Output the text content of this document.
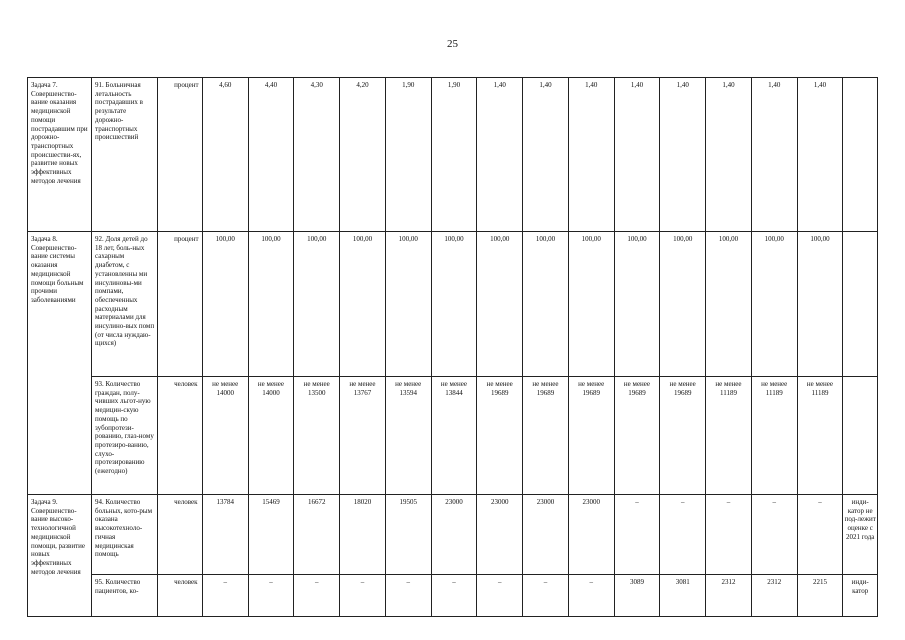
25
Задача 7. Совершенство-вание оказания медицинской помощи пострадавшим при дорожно-транспортных происшестви-ях, развитие новых эффективных методов лечения	91. Больничная летальность пострадавших в результате дорожно-транспортных происшествий	процент	4,60	4,40	4,30	4,20	1,90	1,90	1,40	1,40	1,40	1,40	1,40	1,40	1,40	1,40	
Задача 8. Совершенство-вание системы оказания медицинской помощи больным прочими заболеваниями	92. Доля детей до 18 лет, боль-ных сахарным диабетом, с установленны ми инсулиновы-ми помпами, обеспеченных расходным материалами для инсулино-вых помп (от числа нуждаю-щихся)	процент	100,00	100,00	100,00	100,00	100,00	100,00	100,00	100,00	100,00	100,00	100,00	100,00	100,00	100,00	
	93. Количество граждан, полу-чивших льгот-ную медицин-скую помощь по зубопротези-рованию, глаз-ному протезиро-ванию, слухо-протезированию (ежегодно)	человек	не менее 14000	не менее 14000	не менее 13500	не менее 13767	не менее 13594	не менее 13844	не менее 19689	не менее 19689	не менее 19689	не менее 19689	не менее 19689	не менее 11189	не менее 11189	не менее 11189	
Задача 9. Совершенство-вание высоко-технологичной медицинской помощи, развитие новых эффективных методов лечения	94. Количество больных, кото-рым оказана высокотехноло-гичная медицинская помощь	человек	13784	15469	16672	18020	19505	23000	23000	23000	23000	–	–	–	–	–	инди-катор не под-лежит оценке с 2021 года
	95. Количество пациентов, ко-	человек	–	–	–	–	–	–	–	–	–	3089	3081	2312	2312	2215	инди-катор
